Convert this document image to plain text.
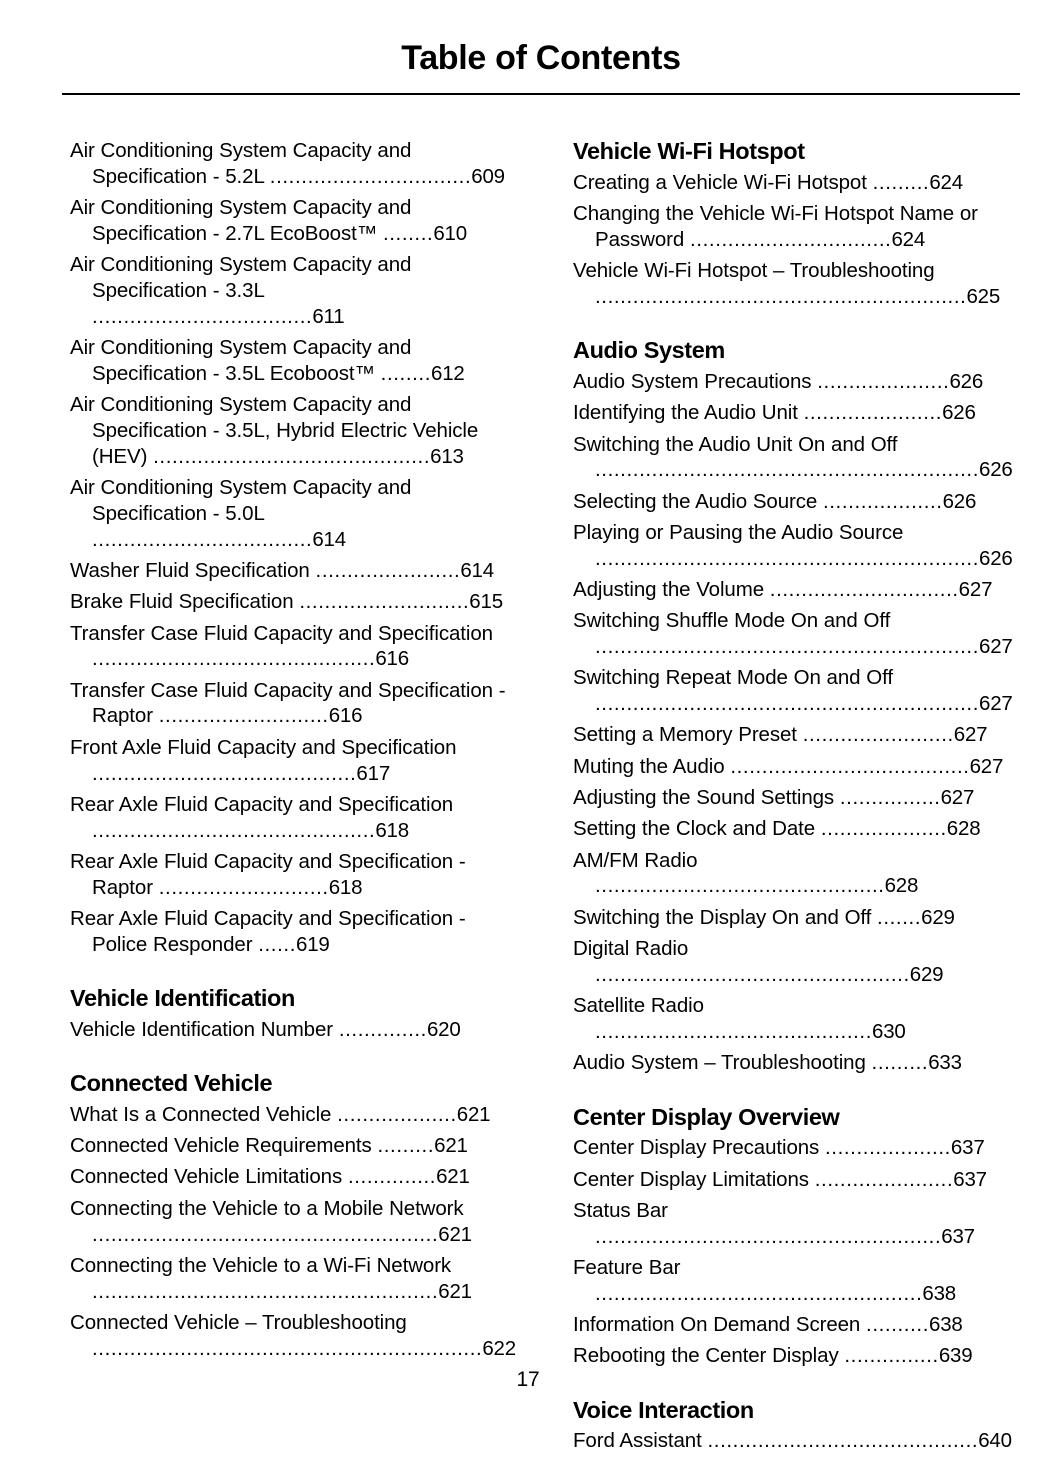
Table of Contents
Air Conditioning System Capacity and Specification - 5.2L ................................609
Air Conditioning System Capacity and Specification - 2.7L EcoBoost™ ........610
Air Conditioning System Capacity and Specification - 3.3L ...................................611
Air Conditioning System Capacity and Specification - 3.5L Ecoboost™ ........612
Air Conditioning System Capacity and Specification - 3.5L, Hybrid Electric Vehicle (HEV) ............................................613
Air Conditioning System Capacity and Specification - 5.0L ...................................614
Washer Fluid Specification .......................614
Brake Fluid Specification ...........................615
Transfer Case Fluid Capacity and Specification .............................................616
Transfer Case Fluid Capacity and Specification - Raptor ...........................616
Front Axle Fluid Capacity and Specification ..........................................617
Rear Axle Fluid Capacity and Specification .............................................618
Rear Axle Fluid Capacity and Specification - Raptor ...........................618
Rear Axle Fluid Capacity and Specification - Police Responder ......619
Vehicle Identification
Vehicle Identification Number ..............620
Connected Vehicle
What Is a Connected Vehicle ...................621
Connected Vehicle Requirements .........621
Connected Vehicle Limitations ..............621
Connecting the Vehicle to a Mobile Network .......................................................621
Connecting the Vehicle to a Wi-Fi Network .......................................................621
Connected Vehicle – Troubleshooting ..............................................................622
Vehicle Wi-Fi Hotspot
Creating a Vehicle Wi-Fi Hotspot .........624
Changing the Vehicle Wi-Fi Hotspot Name or Password ................................624
Vehicle Wi-Fi Hotspot – Troubleshooting ...........................................................625
Audio System
Audio System Precautions .....................626
Identifying the Audio Unit ......................626
Switching the Audio Unit On and Off .............................................................626
Selecting the Audio Source ...................626
Playing or Pausing the Audio Source .............................................................626
Adjusting the Volume ..............................627
Switching Shuffle Mode On and Off .............................................................627
Switching Repeat Mode On and Off .............................................................627
Setting a Memory Preset ........................627
Muting the Audio ......................................627
Adjusting the Sound Settings ................627
Setting the Clock and Date ....................628
AM/FM Radio ..............................................628
Switching the Display On and Off .......629
Digital Radio ..................................................629
Satellite Radio ............................................630
Audio System – Troubleshooting .........633
Center Display Overview
Center Display Precautions ....................637
Center Display Limitations ......................637
Status Bar .......................................................637
Feature Bar ....................................................638
Information On Demand Screen ..........638
Rebooting the Center Display ...............639
Voice Interaction
Ford Assistant ...........................................640
17
